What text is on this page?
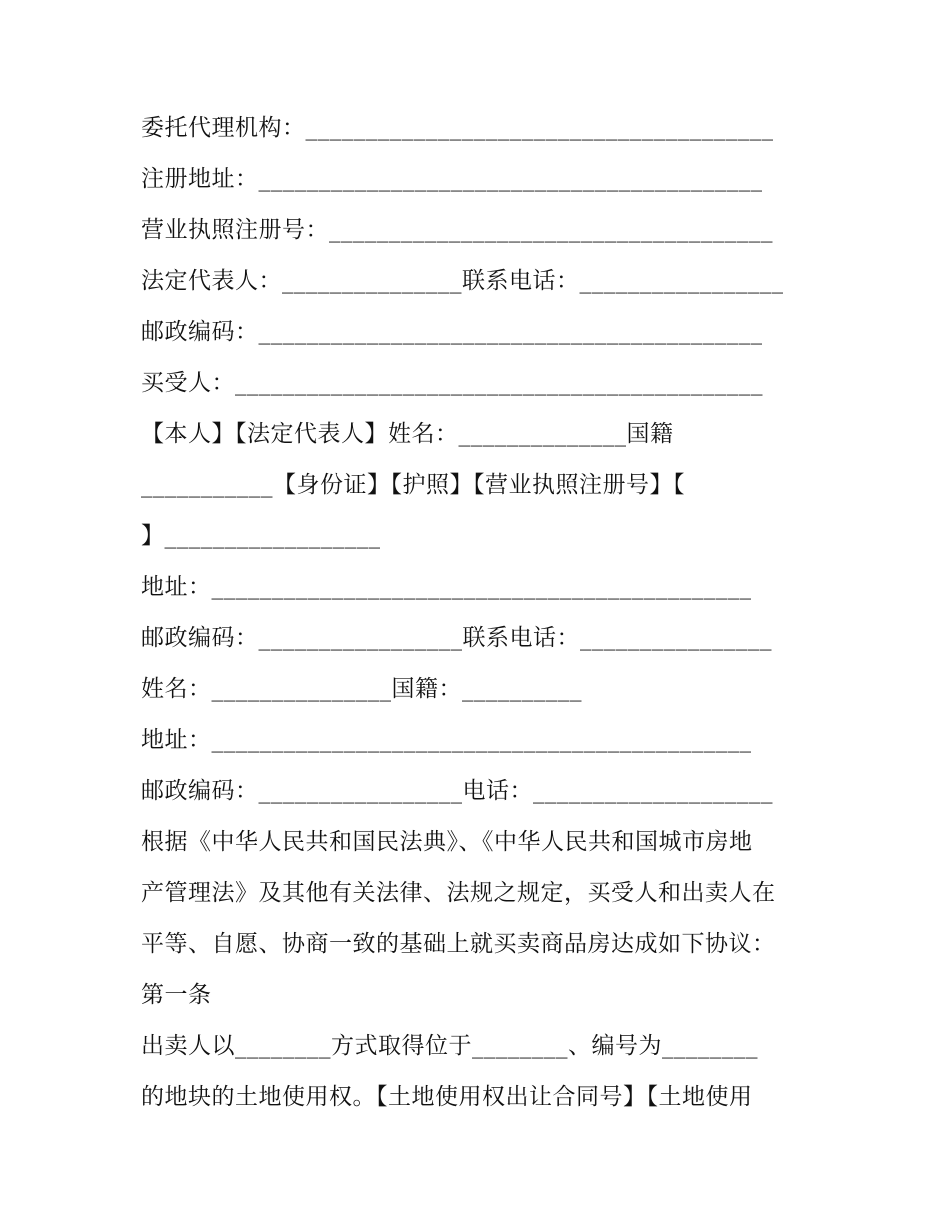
委托代理机构：_______________________________________
注册地址：__________________________________________
营业执照注册号：_____________________________________
法定代表人：_______________联系电话：_________________
邮政编码：__________________________________________
买受人：____________________________________________
【本人】【法定代表人】姓名：______________国籍
___________【身份证】【护照】【营业执照注册号】【
】__________________
地址：_____________________________________________
邮政编码：_________________联系电话：________________
姓名：_______________国籍：__________
地址：_____________________________________________
邮政编码：_________________电话：____________________
根据《中华人民共和国民法典》、《中华人民共和国城市房地
产管理法》及其他有关法律、法规之规定，买受人和出卖人在
平等、自愿、协商一致的基础上就买卖商品房达成如下协议：
第一条
出卖人以________方式取得位于________、编号为________
的地块的土地使用权。【土地使用权出让合同号】【土地使用
